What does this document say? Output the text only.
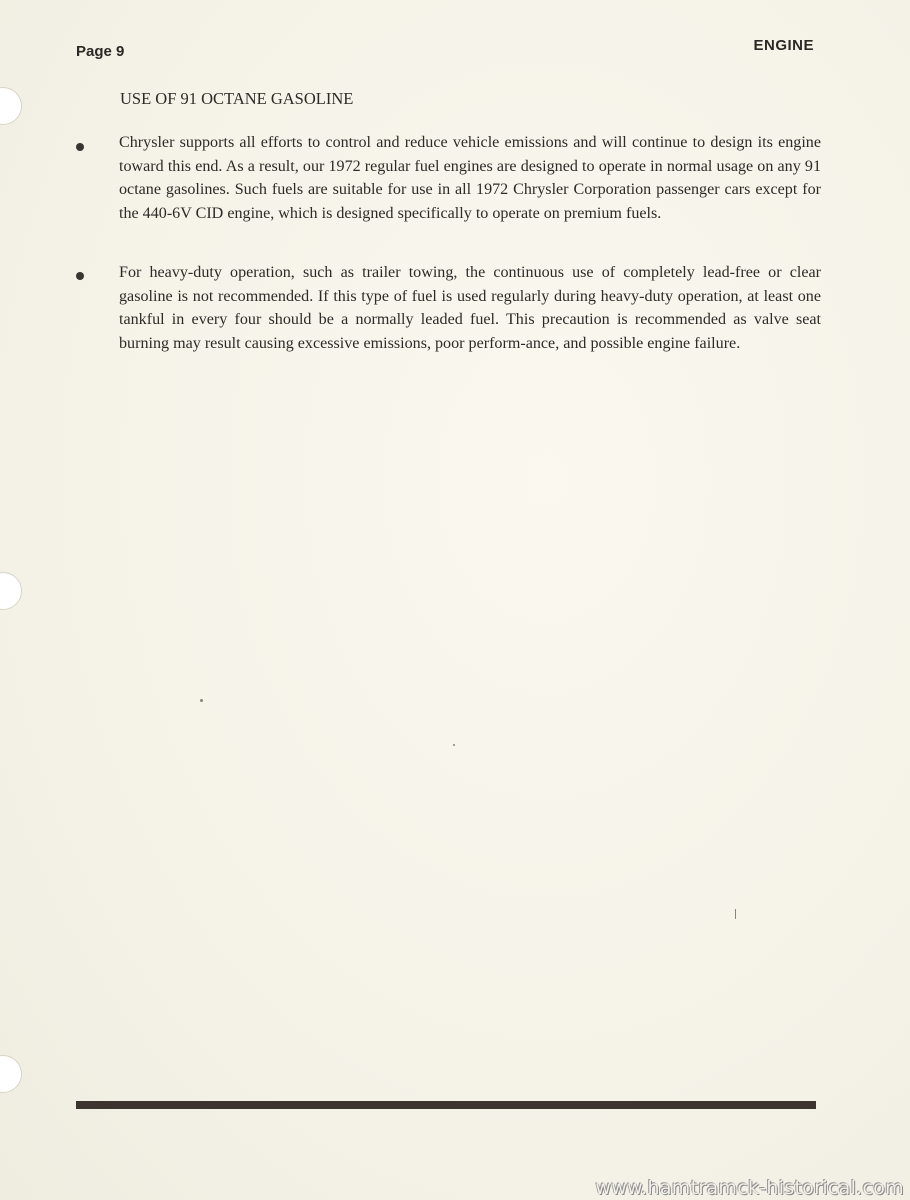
Page 9	ENGINE
USE OF 91 OCTANE GASOLINE
Chrysler supports all efforts to control and reduce vehicle emissions and will continue to design its engine toward this end. As a result, our 1972 regular fuel engines are designed to operate in normal usage on any 91 octane gasolines. Such fuels are suitable for use in all 1972 Chrysler Corporation passenger cars except for the 440-6V CID engine, which is designed specifically to operate on premium fuels.
For heavy-duty operation, such as trailer towing, the continuous use of completely lead-free or clear gasoline is not recommended. If this type of fuel is used regularly during heavy-duty operation, at least one tankful in every four should be a normally leaded fuel. This precaution is recommended as valve seat burning may result causing excessive emissions, poor perform-ance, and possible engine failure.
www.hamtramck-historical.com
